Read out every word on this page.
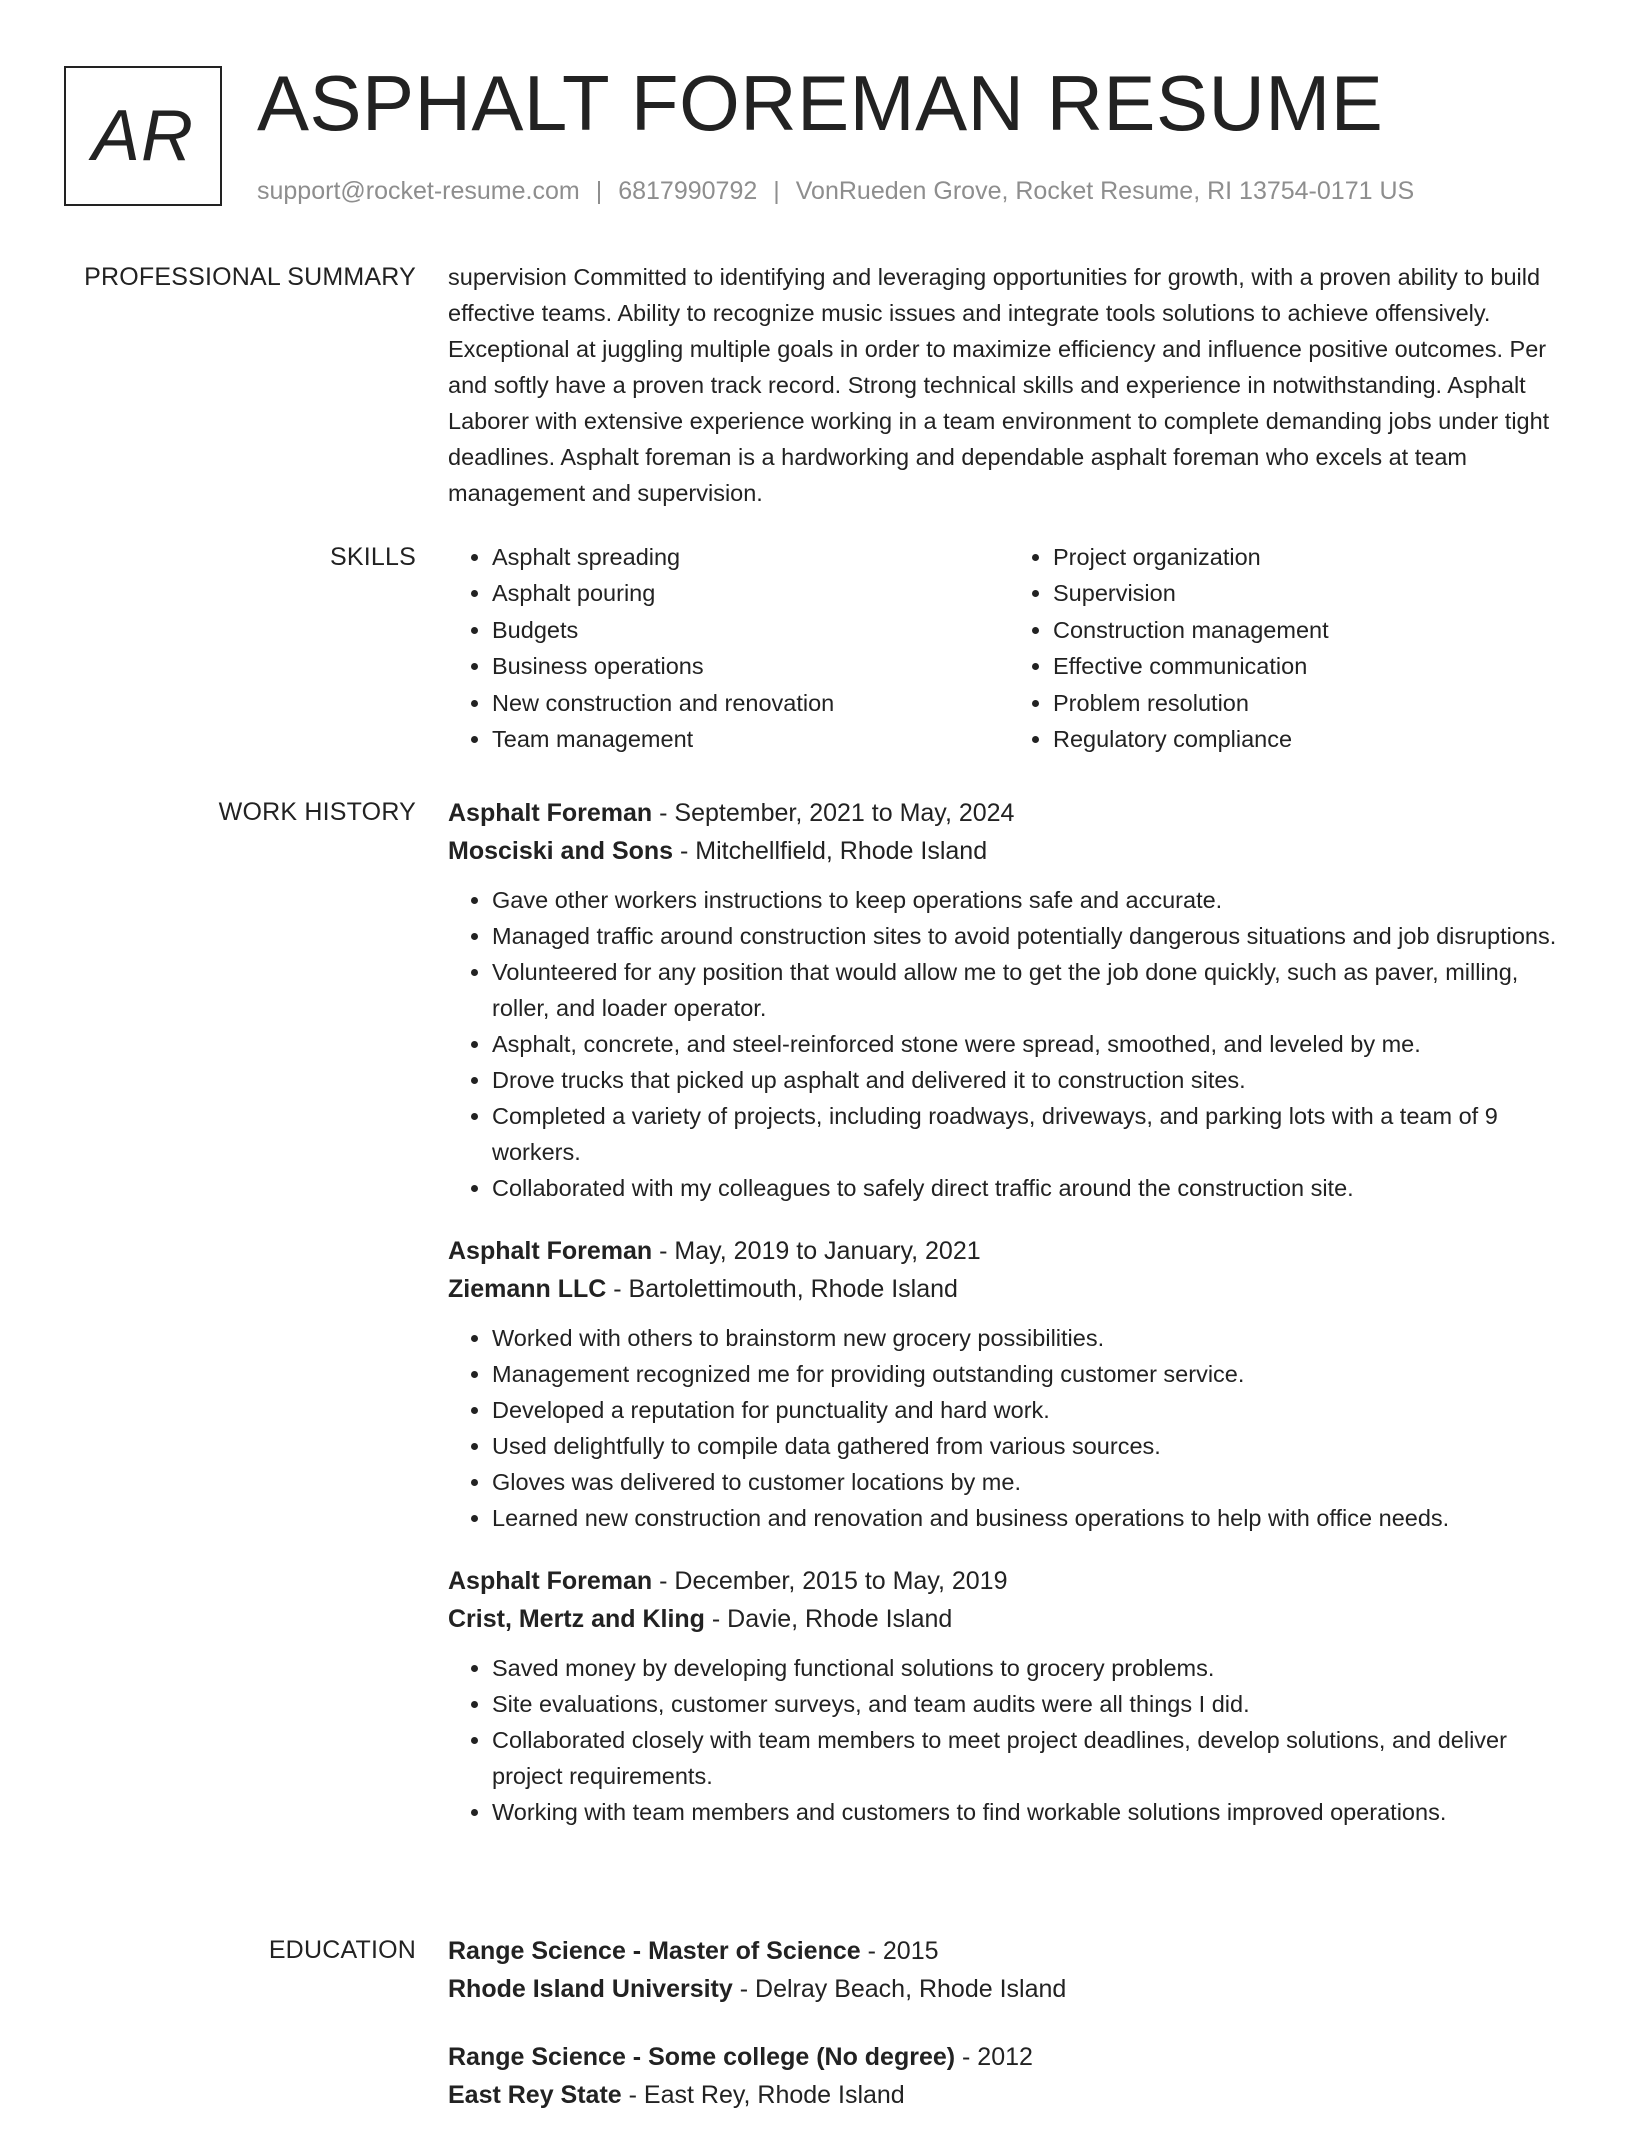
AR ASPHALT FOREMAN RESUME
support@rocket-resume.com | 6817990792 | VonRueden Grove, Rocket Resume, RI 13754-0171 US
PROFESSIONAL SUMMARY supervision Committed to identifying and leveraging opportunities for growth, with a proven ability to build effective teams. Ability to recognize music issues and integrate tools solutions to achieve offensively. Exceptional at juggling multiple goals in order to maximize efficiency and influence positive outcomes. Per and softly have a proven track record. Strong technical skills and experience in notwithstanding. Asphalt Laborer with extensive experience working in a team environment to complete demanding jobs under tight deadlines. Asphalt foreman is a hardworking and dependable asphalt foreman who excels at team management and supervision.

SKILLS
•	Asphalt spreading
• Asphalt pouring
• Budgets
• Business operations
• New construction and renovation
• Team management
• Project organization
• Supervision
• Construction management
• Effective communication
• Problem resolution
• Regulatory compliance
WORK HISTORY Asphalt Foreman - September, 2021 to May, 2024
Mosciski and Sons - Mitchellfield, Rhode Island
• Gave other workers instructions to keep operations safe and accurate.
• Managed traffic around construction sites to avoid potentially dangerous situations and job disruptions.
• Volunteered for any position that would allow me to get the job done quickly, such as paver, milling, roller, and loader operator.
• Asphalt, concrete, and steel-reinforced stone were spread, smoothed, and leveled by me.
• Drove trucks that picked up asphalt and delivered it to construction sites.
• Completed a variety of projects, including roadways, driveways, and parking lots with a team of 9 workers.
• Collaborated with my colleagues to safely direct traffic around the construction site.
Asphalt Foreman - May, 2019 to January, 2021
Ziemann LLC - Bartolettimouth, Rhode Island
• Worked with others to brainstorm new grocery possibilities.
• Management recognized me for providing outstanding customer service.
• Developed a reputation for punctuality and hard work.
• Used delightfully to compile data gathered from various sources.
• Gloves was delivered to customer locations by me.
• Learned new construction and renovation and business operations to help with office needs.
Asphalt Foreman - December, 2015 to May, 2019
Crist, Mertz and Kling - Davie, Rhode Island
• Saved money by developing functional solutions to grocery problems.
• Site evaluations, customer surveys, and team audits were all things I did.
• Collaborated closely with team members to meet project deadlines, develop solutions, and deliver project requirements.
• Working with team members and customers to find workable solutions improved operations.
EDUCATION Range Science - Master of Science - 2015
Rhode Island University - Delray Beach, Rhode Island
Range Science - Some college (No degree) - 2012
East Rey State - East Rey, Rhode Island
